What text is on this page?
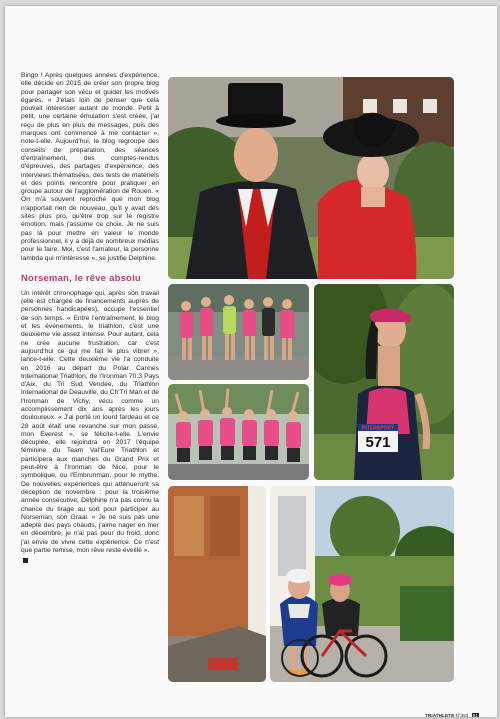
Bingo ! Après quelques années d'expérience, elle décide en 2015 de créer son propre blog pour partager son vécu et guider les motivés égarés. « J'étais loin de penser que cela pouvait intéresser autant de monde. Petit à petit, une certaine émulation s'est créée, j'ai reçu de plus en plus de messages, puis des marques ont commencé à me contacter », note-t-elle. Aujourd'hui, le blog regroupe des conseils de préparation, des séances d'entraînement, des comptes-rendus d'épreuves, des partages d'expérience, des interviews thématisées, des tests de matériels et des points rencontre pour pratiquer en groupe autour de l'agglomération de Rouen. « On m'a souvent reproché que mon blog n'apportait rien de nouveau, qu'il y avait des sites plus pro, qu'être trop sur le registre émotion, mais j'assume ce choix. Je ne suis pas là pour mettre en valeur le monde professionnel, il y a déjà de nombreux médias pour le faire. Moi, c'est l'amateur, la personne lambda qui m'intéresse », se justifie Delphine.

Norseman, le rêve absolu

Un intérêt chronophage qui, après son travail (elle est chargée de financements auprès de personnes handicapées), occupe l'essentiel de son temps. « Entre l'entraînement, le blog et les événements, le triathlon, c'est une deuxième vie assez intense. Pour autant, cela ne crée aucune frustration, car c'est aujourd'hui ce qui me fait le plus vibrer », lance-t-elle. Cette deuxième vie l'a conduite en 2016 au départ du Polar Cannes International Triathlon, de l'Ironman 70.3 Pays d'Aix, du Tri Sud Vendée, du Triathlon International de Deauville, du Ch'Tri Man et de l'Ironman de Vichy, vécu comme un accomplissement dix ans après les jours douloureux. « J'ai porté un lourd fardeau et ce 28 août était une revanche sur mon passé, mon Everest », se félicite-t-elle. L'envie décuplée, elle rejoindra en 2017 l'équipe féminine du Team Val'Eure Triathlon et participera aux manches du Grand Prix et peut-être à l'Ironman de Nice, pour le symbolique, ou l'Embrunman, pour le mythe. De nouvelles expériences qui atténueront sa déception de novembre : pour la troisième année consécutive, Delphine n'a pas connu la chance du tirage au sort pour participer au Norseman, son Graal. « Je ne suis pas une adepte des pays chauds, j'aime nager en mer en décembre, je n'ai pas peur du froid, donc j'ai envie de vivre cette expérience. Ce n'est que partie remise, mon rêve reste éveillé ».

INTERSPORT
571
TRIATHLETE N°353 81
